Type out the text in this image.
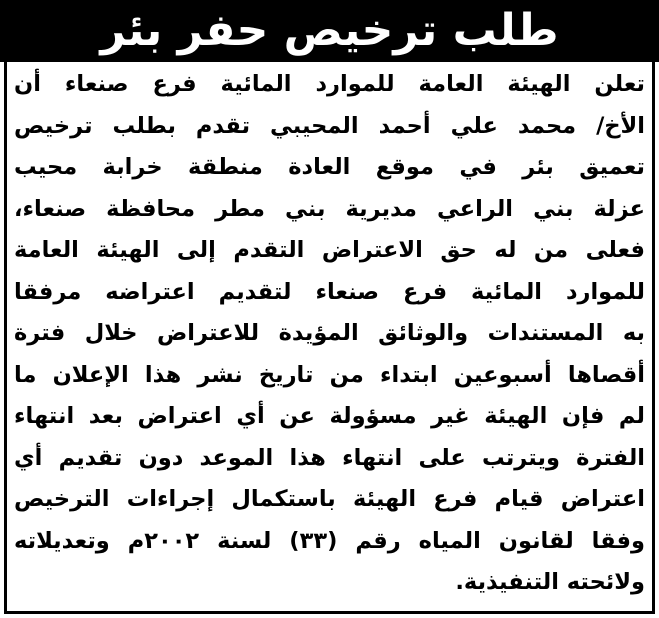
طلب ترخيص حفر بئر
تعلن الهيئة العامة للموارد المائية فرع صنعاء أن
الأخ/ محمد علي أحمد المحيبي تقدم بطلب ترخيص
تعميق بئر في موقع العادة منطقة خرابة محيب
عزلة بني الراعي مديرية بني مطر محافظة صنعاء،
فعلى من له حق الاعتراض التقدم إلى الهيئة العامة
للموارد المائية فرع صنعاء لتقديم اعتراضه مرفقا
به المستندات والوثائق المؤيدة للاعتراض خلال فترة
أقصاها أسبوعين ابتداء من تاريخ نشر هذا الإعلان ما
لم فإن الهيئة غير مسؤولة عن أي اعتراض بعد انتهاء
الفترة ويترتب على انتهاء هذا الموعد دون تقديم أي
اعتراض قيام فرع الهيئة باستكمال إجراءات الترخيص
وفقا لقانون المياه رقم (٣٣) لسنة ٢٠٠٢م وتعديلاته
ولائحته التنفيذية.
